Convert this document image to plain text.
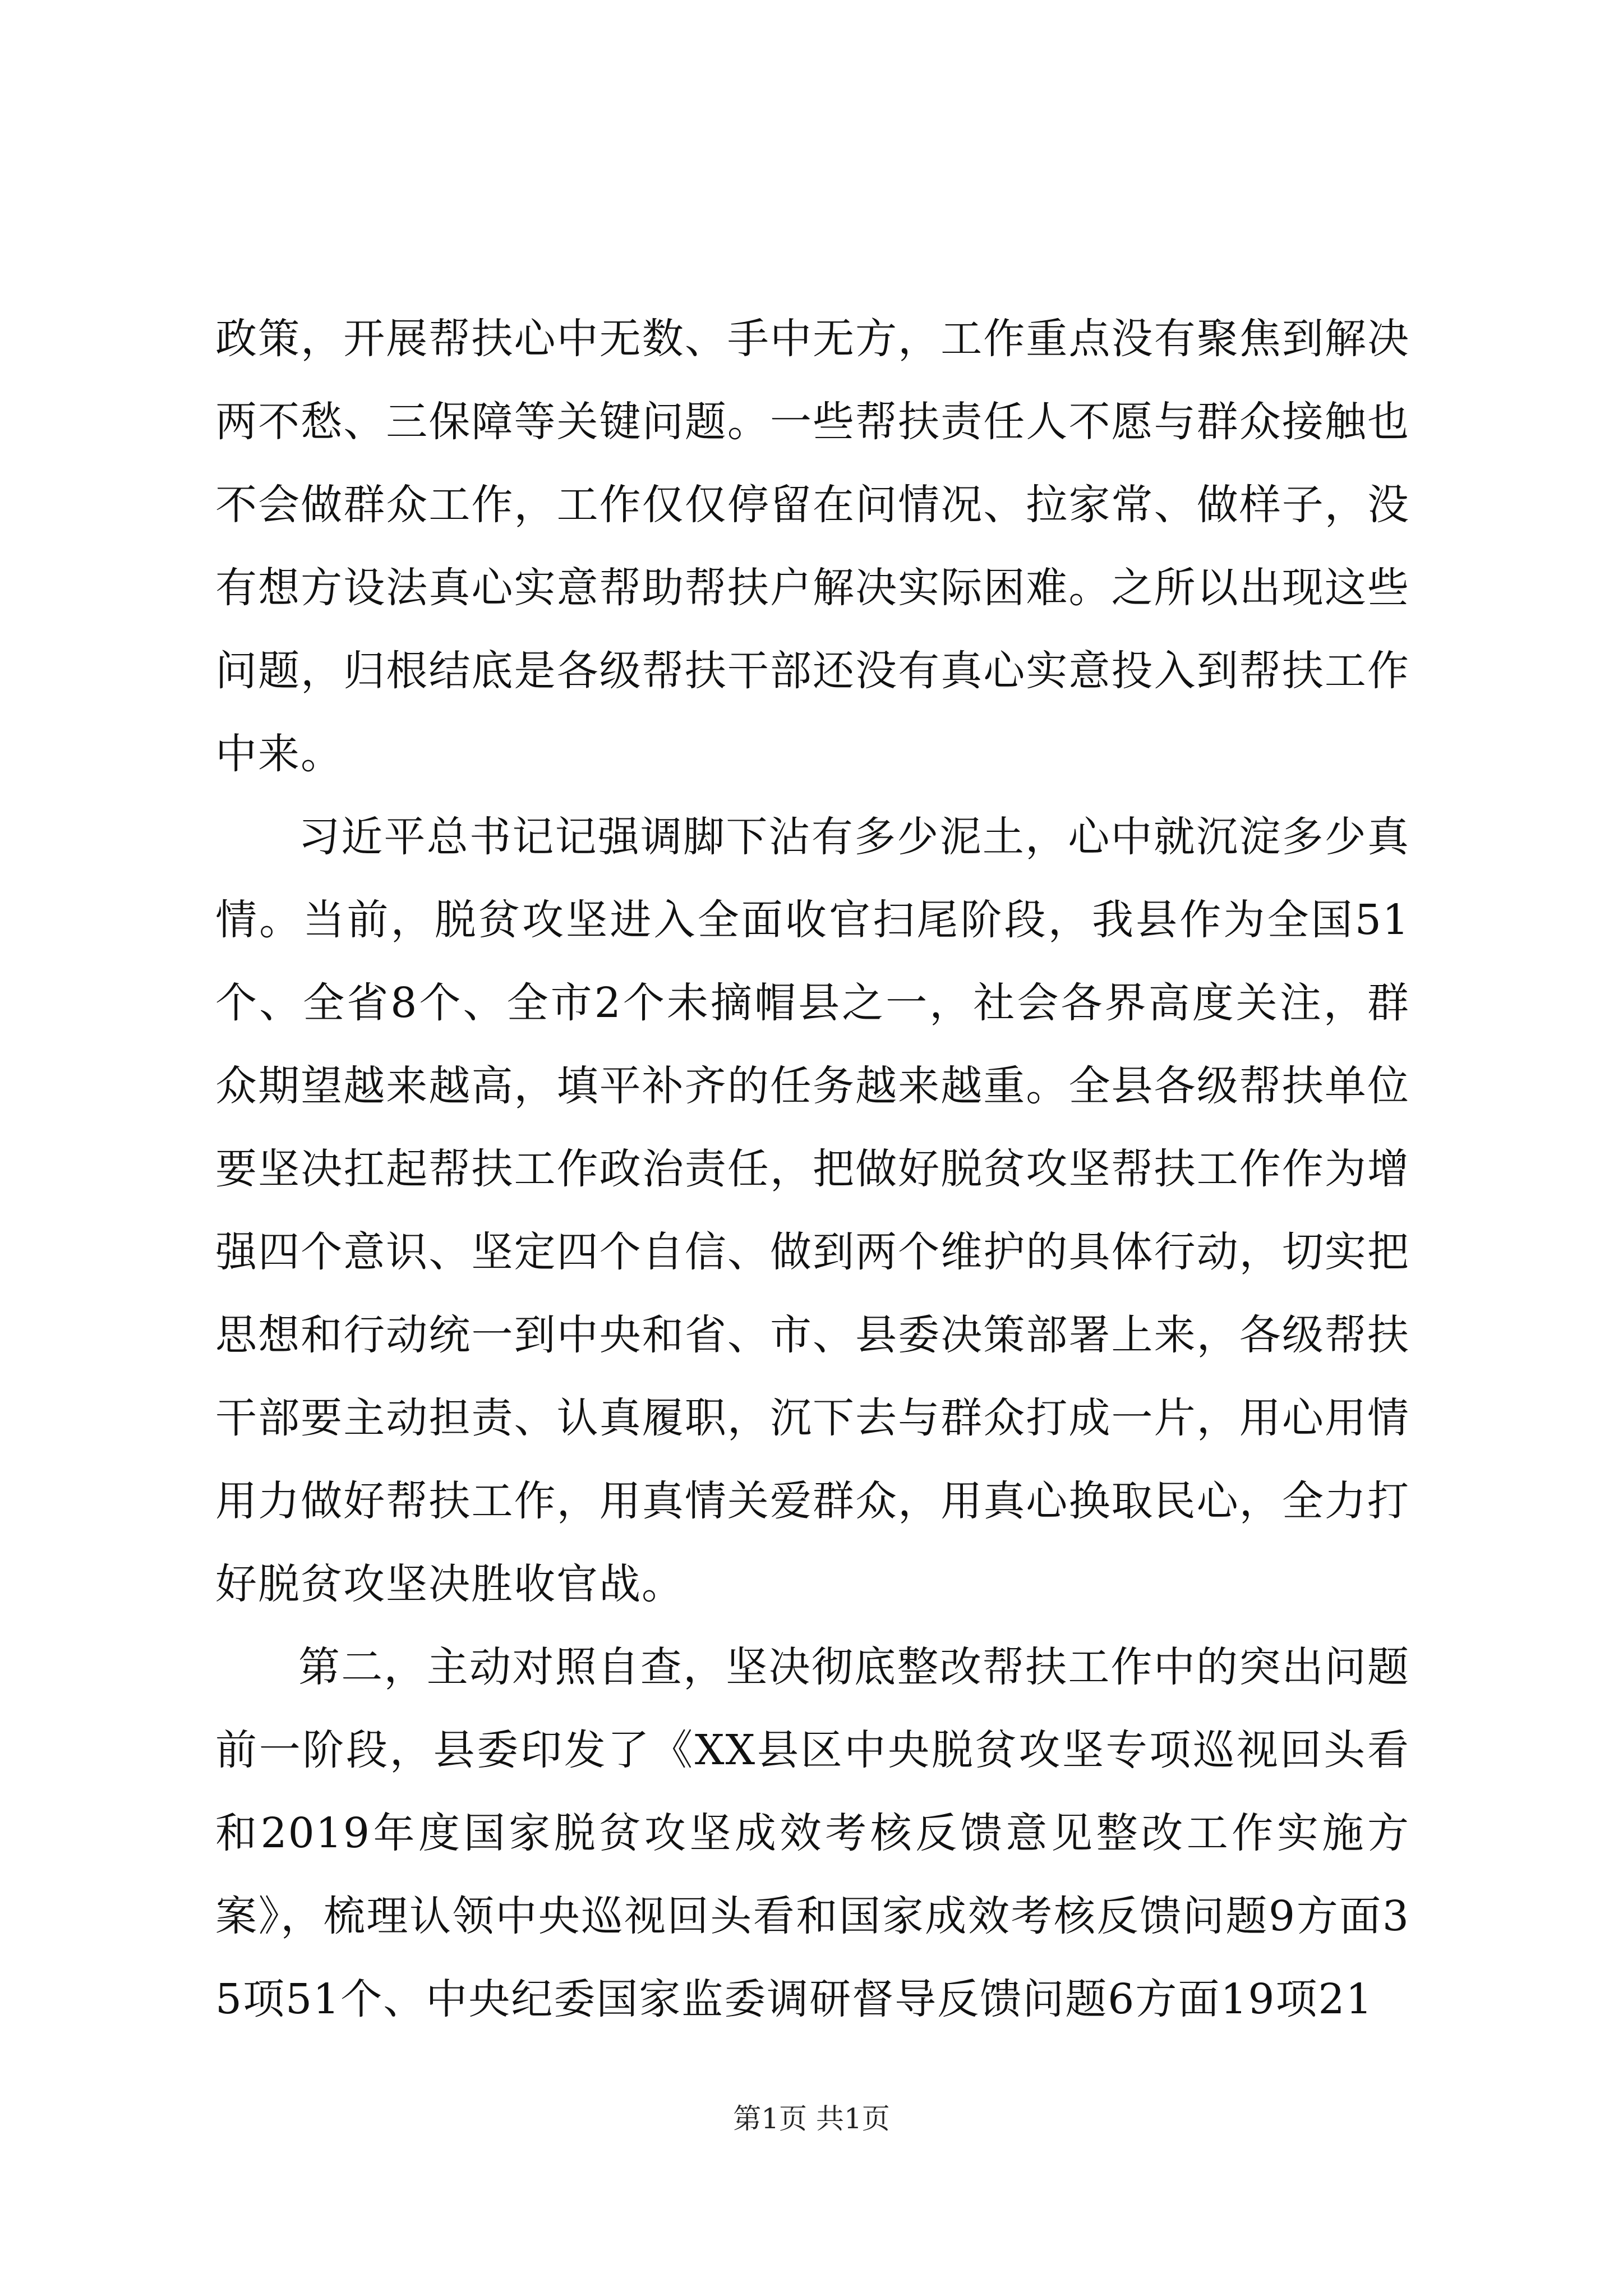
政策，开展帮扶心中无数、手中无方，工作重点没有聚焦到解决两不愁、三保障等关键问题。一些帮扶责任人不愿与群众接触也不会做群众工作，工作仅仅停留在问情况、拉家常、做样子，没有想方设法真心实意帮助帮扶户解决实际困难。之所以出现这些问题，归根结底是各级帮扶干部还没有真心实意投入到帮扶工作中来。

习近平总书记记强调脚下沾有多少泥土，心中就沉淀多少真情。当前，脱贫攻坚进入全面收官扫尾阶段，我县作为全国51个、全省8个、全市2个未摘帽县之一，社会各界高度关注，群众期望越来越高，填平补齐的任务越来越重。全县各级帮扶单位要坚决扛起帮扶工作政治责任，把做好脱贫攻坚帮扶工作作为增强四个意识、坚定四个自信、做到两个维护的具体行动，切实把思想和行动统一到中央和省、市、县委决策部署上来，各级帮扶干部要主动担责、认真履职，沉下去与群众打成一片，用心用情用力做好帮扶工作，用真情关爱群众，用真心换取民心，全力打好脱贫攻坚决胜收官战。

第二，主动对照自查，坚决彻底整改帮扶工作中的突出问题前一阶段，县委印发了《XX县区中央脱贫攻坚专项巡视回头看和2019年度国家脱贫攻坚成效考核反馈意见整改工作实施方案》，梳理认领中央巡视回头看和国家成效考核反馈问题9方面35项51个、中央纪委国家监委调研督导反馈问题6方面19项21

第1页 共1页
